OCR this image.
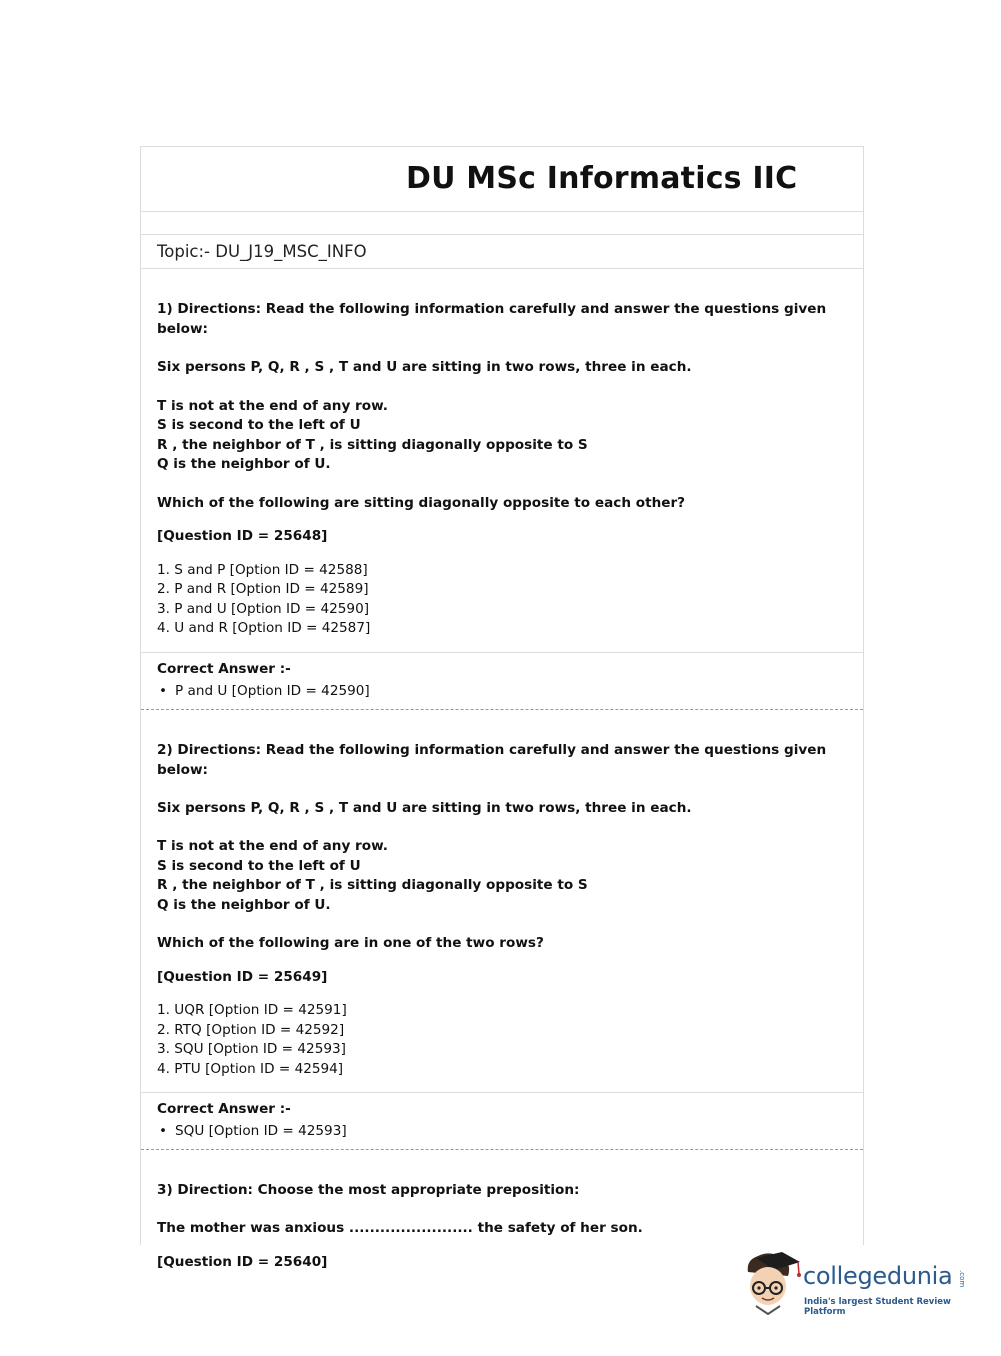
DU MSc Informatics IIC
Topic:- DU_J19_MSC_INFO
1) Directions: Read the following information carefully and answer the questions given below:
Six persons P, Q, R , S , T and U are sitting in two rows, three in each.
T is not at the end of any row.
S is second to the left of U
R , the neighbor of T , is sitting diagonally opposite to S
Q is the neighbor of U.
Which of the following are sitting diagonally opposite to each other?
[Question ID = 25648]
1. S and P [Option ID = 42588]
2. P and R [Option ID = 42589]
3. P and U [Option ID = 42590]
4. U and R [Option ID = 42587]
Correct Answer :-
• P and U [Option ID = 42590]
2) Directions: Read the following information carefully and answer the questions given below:
Six persons P, Q, R , S , T and U are sitting in two rows, three in each.
T is not at the end of any row.
S is second to the left of U
R , the neighbor of T , is sitting diagonally opposite to S
Q is the neighbor of U.
Which of the following are in one of the two rows?
[Question ID = 25649]
1. UQR [Option ID = 42591]
2. RTQ [Option ID = 42592]
3. SQU [Option ID = 42593]
4. PTU [Option ID = 42594]
Correct Answer :-
• SQU [Option ID = 42593]
3) Direction: Choose the most appropriate preposition:
The mother was anxious ........................ the safety of her son.
[Question ID = 25640]
collegedunia .com
India's largest Student Review Platform
